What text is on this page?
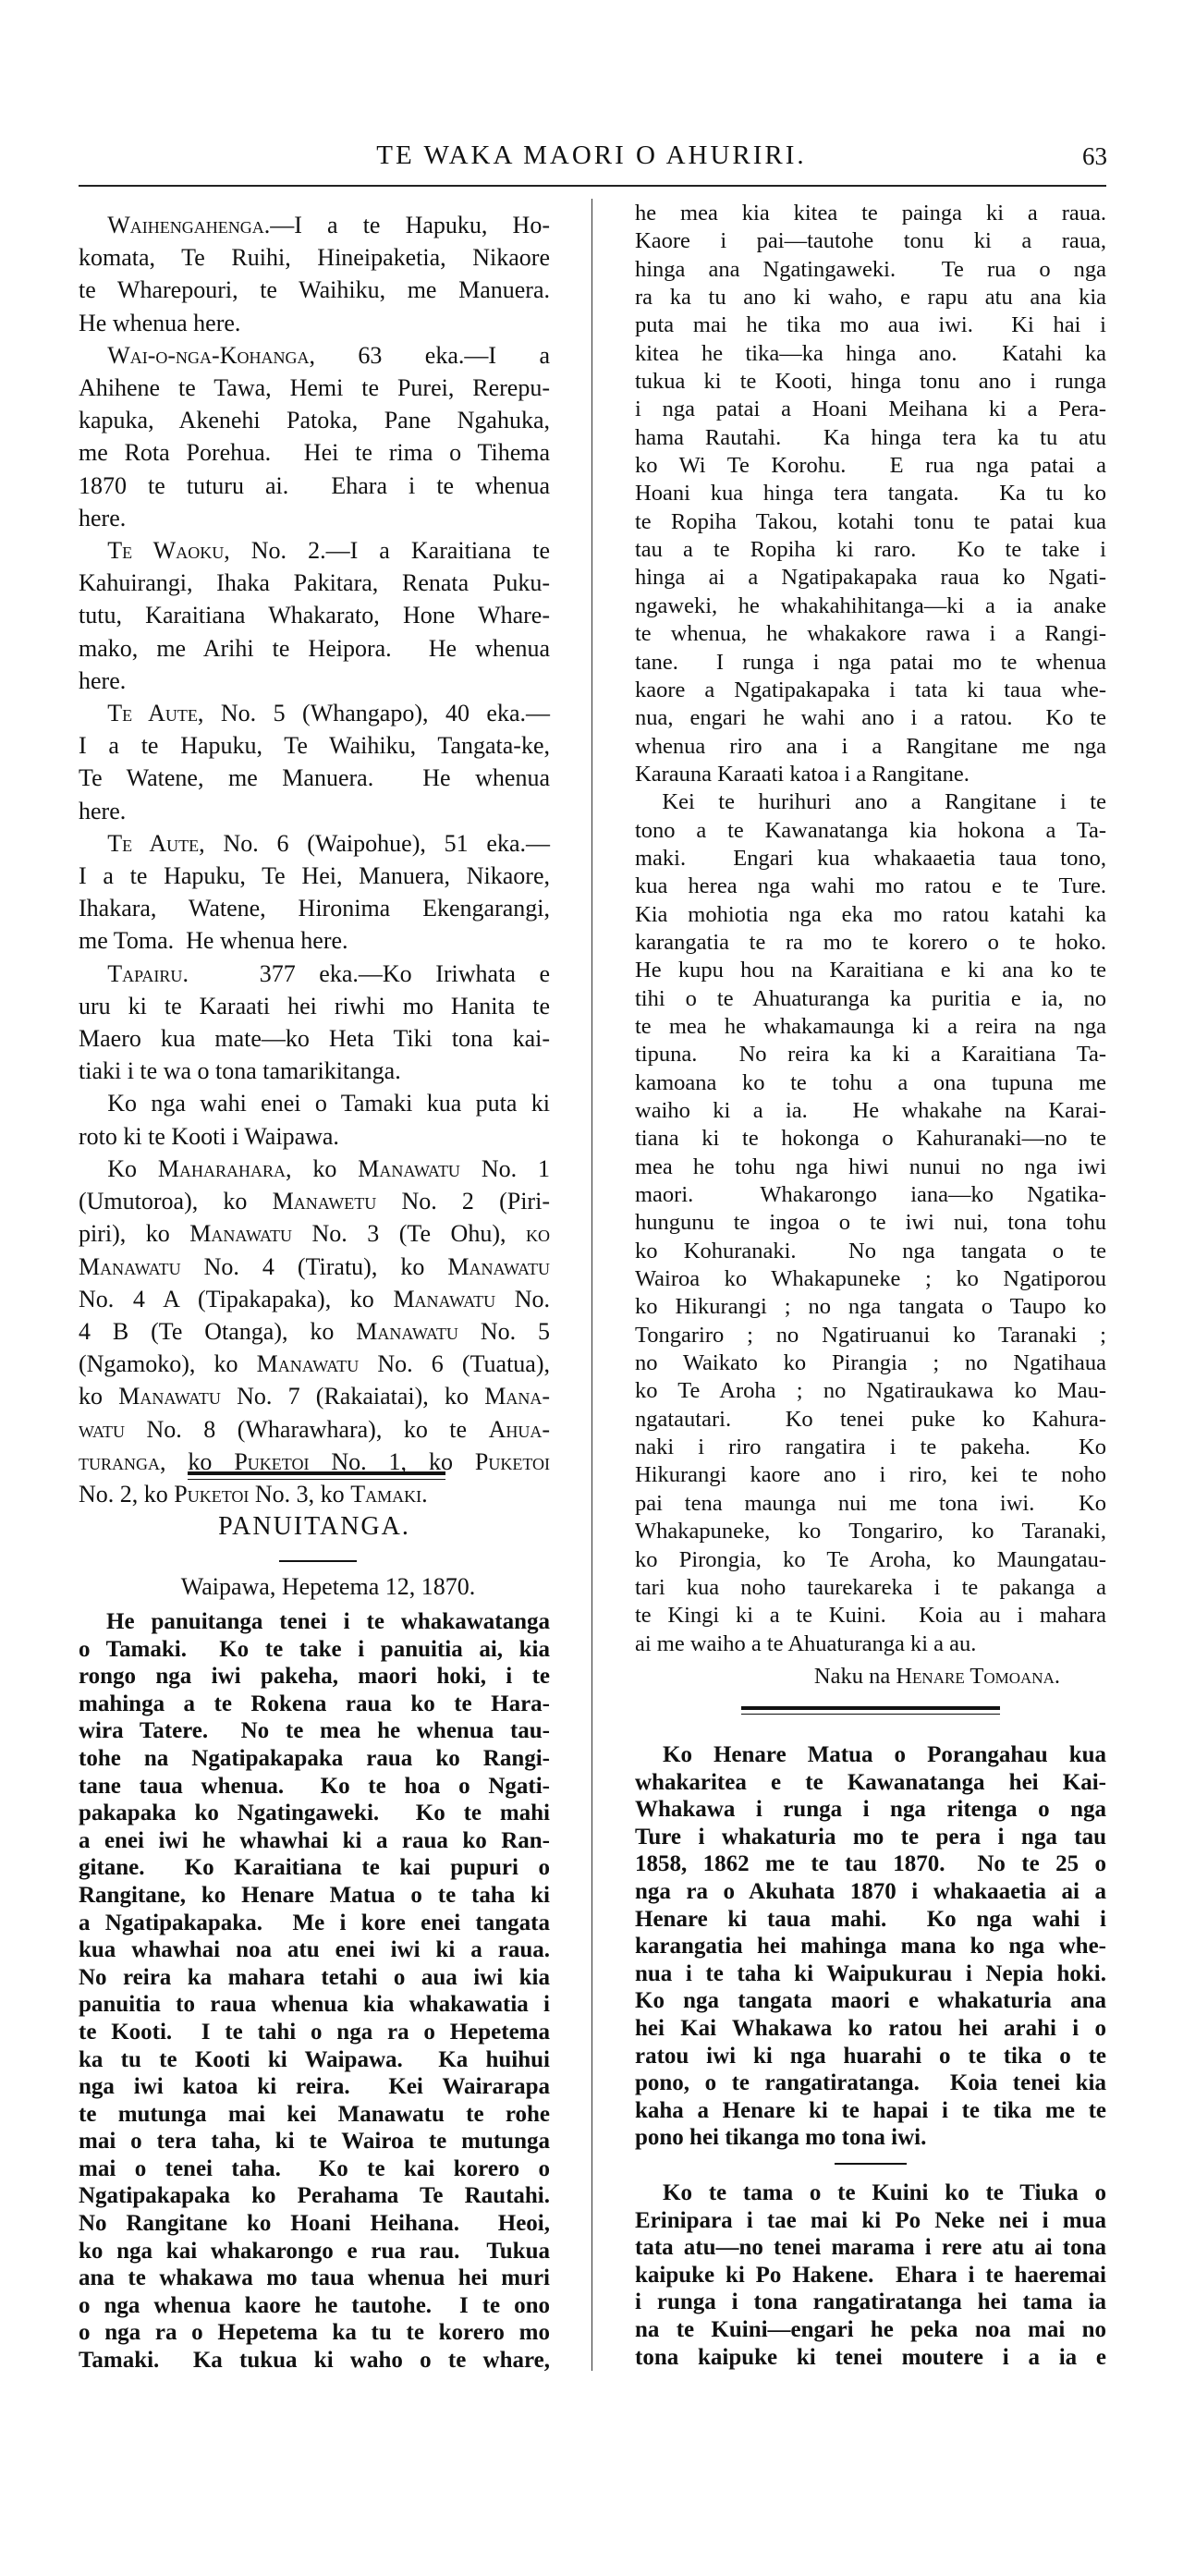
TE WAKA MAORI O AHURIRI.	63
Waihengahenga.—I a te Hapuku, Ho-
komata, Te Ruihi, Hineipaketia, Nikaore
te Wharepouri, te Waihiku, me Manuera.
He whenua here.
Wai-o-nga-Kohanga, 63 eka.—I a
Ahihene te Tawa, Hemi te Purei, Rerepu-
kapuka, Akenehi Patoka, Pane Ngahuka,
me Rota Porehua.  Hei te rima o Tihema
1870 te tuturu ai.  Ehara i te whenua
here.
Te Waoku, No. 2.—I a Karaitiana te
Kahuirangi, Ihaka Pakitara, Renata Puku-
tutu, Karaitiana Whakarato, Hone Whare-
mako, me Arihi te Heipora.  He whenua
here.
Te Aute, No. 5 (Whangapo), 40 eka.—
I a te Hapuku, Te Waihiku, Tangata-ke,
Te Watene, me Manuera.  He whenua
here.
Te Aute, No. 6 (Waipohue), 51 eka.—
I a te Hapuku, Te Hei, Manuera, Nikaore,
Ihakara, Watene, Hironima Ekengarangi,
me Toma.  He whenua here.
Tapairu.   377 eka.—Ko Iriwhata e
uru ki te Karaati hei riwhi mo Hanita te
Maero kua mate—ko Heta Tiki tona kai-
tiaki i te wa o tona tamarikitanga.
Ko nga wahi enei o Tamaki kua puta ki
roto ki te Kooti i Waipawa.
Ko Maharahara, ko Manawatu No. 1
(Umutoroa), ko Manawetu No. 2 (Piri-
piri), ko Manawatu No. 3 (Te Ohu), ko
Manawatu No. 4 (Tiratu), ko Manawatu
No. 4 A (Tipakapaka), ko Manawatu No.
4 B (Te Otanga), ko Manawatu No. 5
(Ngamoko), ko Manawatu No. 6 (Tuatua),
ko Manawatu No. 7 (Rakaiatai), ko Mana-
watu No. 8 (Wharawhara), ko te Ahua-
turanga, ko Puketoi No. 1, ko Puketoi
No. 2, ko Puketoi No. 3, ko Tamaki.
PANUITANGA.
Waipawa, Hepetema 12, 1870.
He panuitanga tenei i te whakawatanga
o Tamaki.  Ko te take i panuitia ai, kia
rongo nga iwi pakeha, maori hoki, i te
mahinga a te Rokena raua ko te Hara-
wira Tatere.  No te mea he whenua tau-
tohe na Ngatipakapaka raua ko Rangi-
tane taua whenua.  Ko te hoa o Ngati-
pakapaka ko Ngatingaweki.  Ko te mahi
a enei iwi he whawhai ki a raua ko Ran-
gitane.  Ko Karaitiana te kai pupuri o
Rangitane, ko Henare Matua o te taha ki
a Ngatipakapaka.  Me i kore enei tangata
kua whawhai noa atu enei iwi ki a raua.
No reira ka mahara tetahi o aua iwi kia
panuitia to raua whenua kia whakawatia i
te Kooti.  I te tahi o nga ra o Hepetema
ka tu te Kooti ki Waipawa.  Ka huihui
nga iwi katoa ki reira.  Kei Wairarapa
te mutunga mai kei Manawatu te rohe
mai o tera taha, ki te Wairoa te mutunga
mai o tenei taha.  Ko te kai korero o
Ngatipakapaka ko Perahama Te Rautahi.
No Rangitane ko Hoani Heihana.  Heoi,
ko nga kai whakarongo e rua rau.  Tukua
ana te whakawa mo taua whenua hei muri
o nga whenua kaore he tautohe.  I te ono
o nga ra o Hepetema ka tu te korero mo
Tamaki.  Ka tukua ki waho o te whare,
he mea kia kitea te painga ki a raua.
Kaore i pai—tautohe tonu ki a raua,
hinga ana Ngatingaweki.  Te rua o nga
ra ka tu ano ki waho, e rapu atu ana kia
puta mai he tika mo aua iwi.  Ki hai i
kitea he tika—ka hinga ano.  Katahi ka
tukua ki te Kooti, hinga tonu ano i runga
i nga patai a Hoani Meihana ki a Pera-
hama Rautahi.  Ka hinga tera ka tu atu
ko Wi Te Korohu.  E rua nga patai a
Hoani kua hinga tera tangata.  Ka tu ko
te Ropiha Takou, kotahi tonu te patai kua
tau a te Ropiha ki raro.  Ko te take i
hinga ai a Ngatipakapaka raua ko Ngati-
ngaweki, he whakahihitanga—ki a ia anake
te whenua, he whakakore rawa i a Rangi-
tane.  I runga i nga patai mo te whenua
kaore a Ngatipakapaka i tata ki taua whe-
nua, engari he wahi ano i a ratou.  Ko te
whenua riro ana i a Rangitane me nga
Karauna Karaati katoa i a Rangitane.
Kei te hurihuri ano a Rangitane i te
tono a te Kawanatanga kia hokona a Ta-
maki.  Engari kua whakaaetia taua tono,
kua herea nga wahi mo ratou e te Ture.
Kia mohiotia nga eka mo ratou katahi ka
karangatia te ra mo te korero o te hoko.
He kupu hou na Karaitiana e ki ana ko te
tihi o te Ahuaturanga ka puritia e ia, no
te mea he whakamaunga ki a reira na nga
tipuna.  No reira ka ki a Karaitiana Ta-
kamoana ko te tohu a ona tupuna me
waiho ki a ia.  He whakahe na Karai-
tiana ki te hokonga o Kahuranaki—no te
mea he tohu nga hiwi nunui no nga iwi
maori.  Whakarongo iana—ko Ngatika-
hungunu te ingoa o te iwi nui, tona tohu
ko Kohuranaki.  No nga tangata o te
Wairoa ko Whakapuneke ; ko Ngatiporou
ko Hikurangi ; no nga tangata o Taupo ko
Tongariro ; no Ngatiruanui ko Taranaki ;
no Waikato ko Pirangia ; no Ngatihaua
ko Te Aroha ; no Ngatiraukawa ko Mau-
ngatautari.  Ko tenei puke ko Kahura-
naki i riro rangatira i te pakeha.  Ko
Hikurangi kaore ano i riro, kei te noho
pai tena maunga nui me tona iwi.  Ko
Whakapuneke, ko Tongariro, ko Taranaki,
ko Pirongia, ko Te Aroha, ko Maungatau-
tari kua noho taurekareka i te pakanga a
te Kingi ki a te Kuini.  Koia au i mahara
ai me waiho a te Ahuaturanga ki a au.
Naku na Henare Tomoana.
Ko Henare Matua o Porangahau kua
whakaritea e te Kawanatanga hei Kai-
Whakawa i runga i nga ritenga o nga
Ture i whakaturia mo te pera i nga tau
1858, 1862 me te tau 1870.  No te 25 o
nga ra o Akuhata 1870 i whakaaetia ai a
Henare ki taua mahi.  Ko nga wahi i
karangatia hei mahinga mana ko nga whe-
nua i te taha ki Waipukurau i Nepia hoki.
Ko nga tangata maori e whakaturia ana
hei Kai Whakawa ko ratou hei arahi i o
ratou iwi ki nga huarahi o te tika o te
pono, o te rangatiratanga.  Koia tenei kia
kaha a Henare ki te hapai i te tika me te
pono hei tikanga mo tona iwi.
Ko te tama o te Kuini ko te Tiuka o
Erinipara i tae mai ki Po Neke nei i mua
tata atu—no tenei marama i rere atu ai tona
kaipuke ki Po Hakene.  Ehara i te haeremai
i runga i tona rangatiratanga hei tama ia
na te Kuini—engari he peka noa mai no
tona kaipuke ki tenei moutere i a ia e
